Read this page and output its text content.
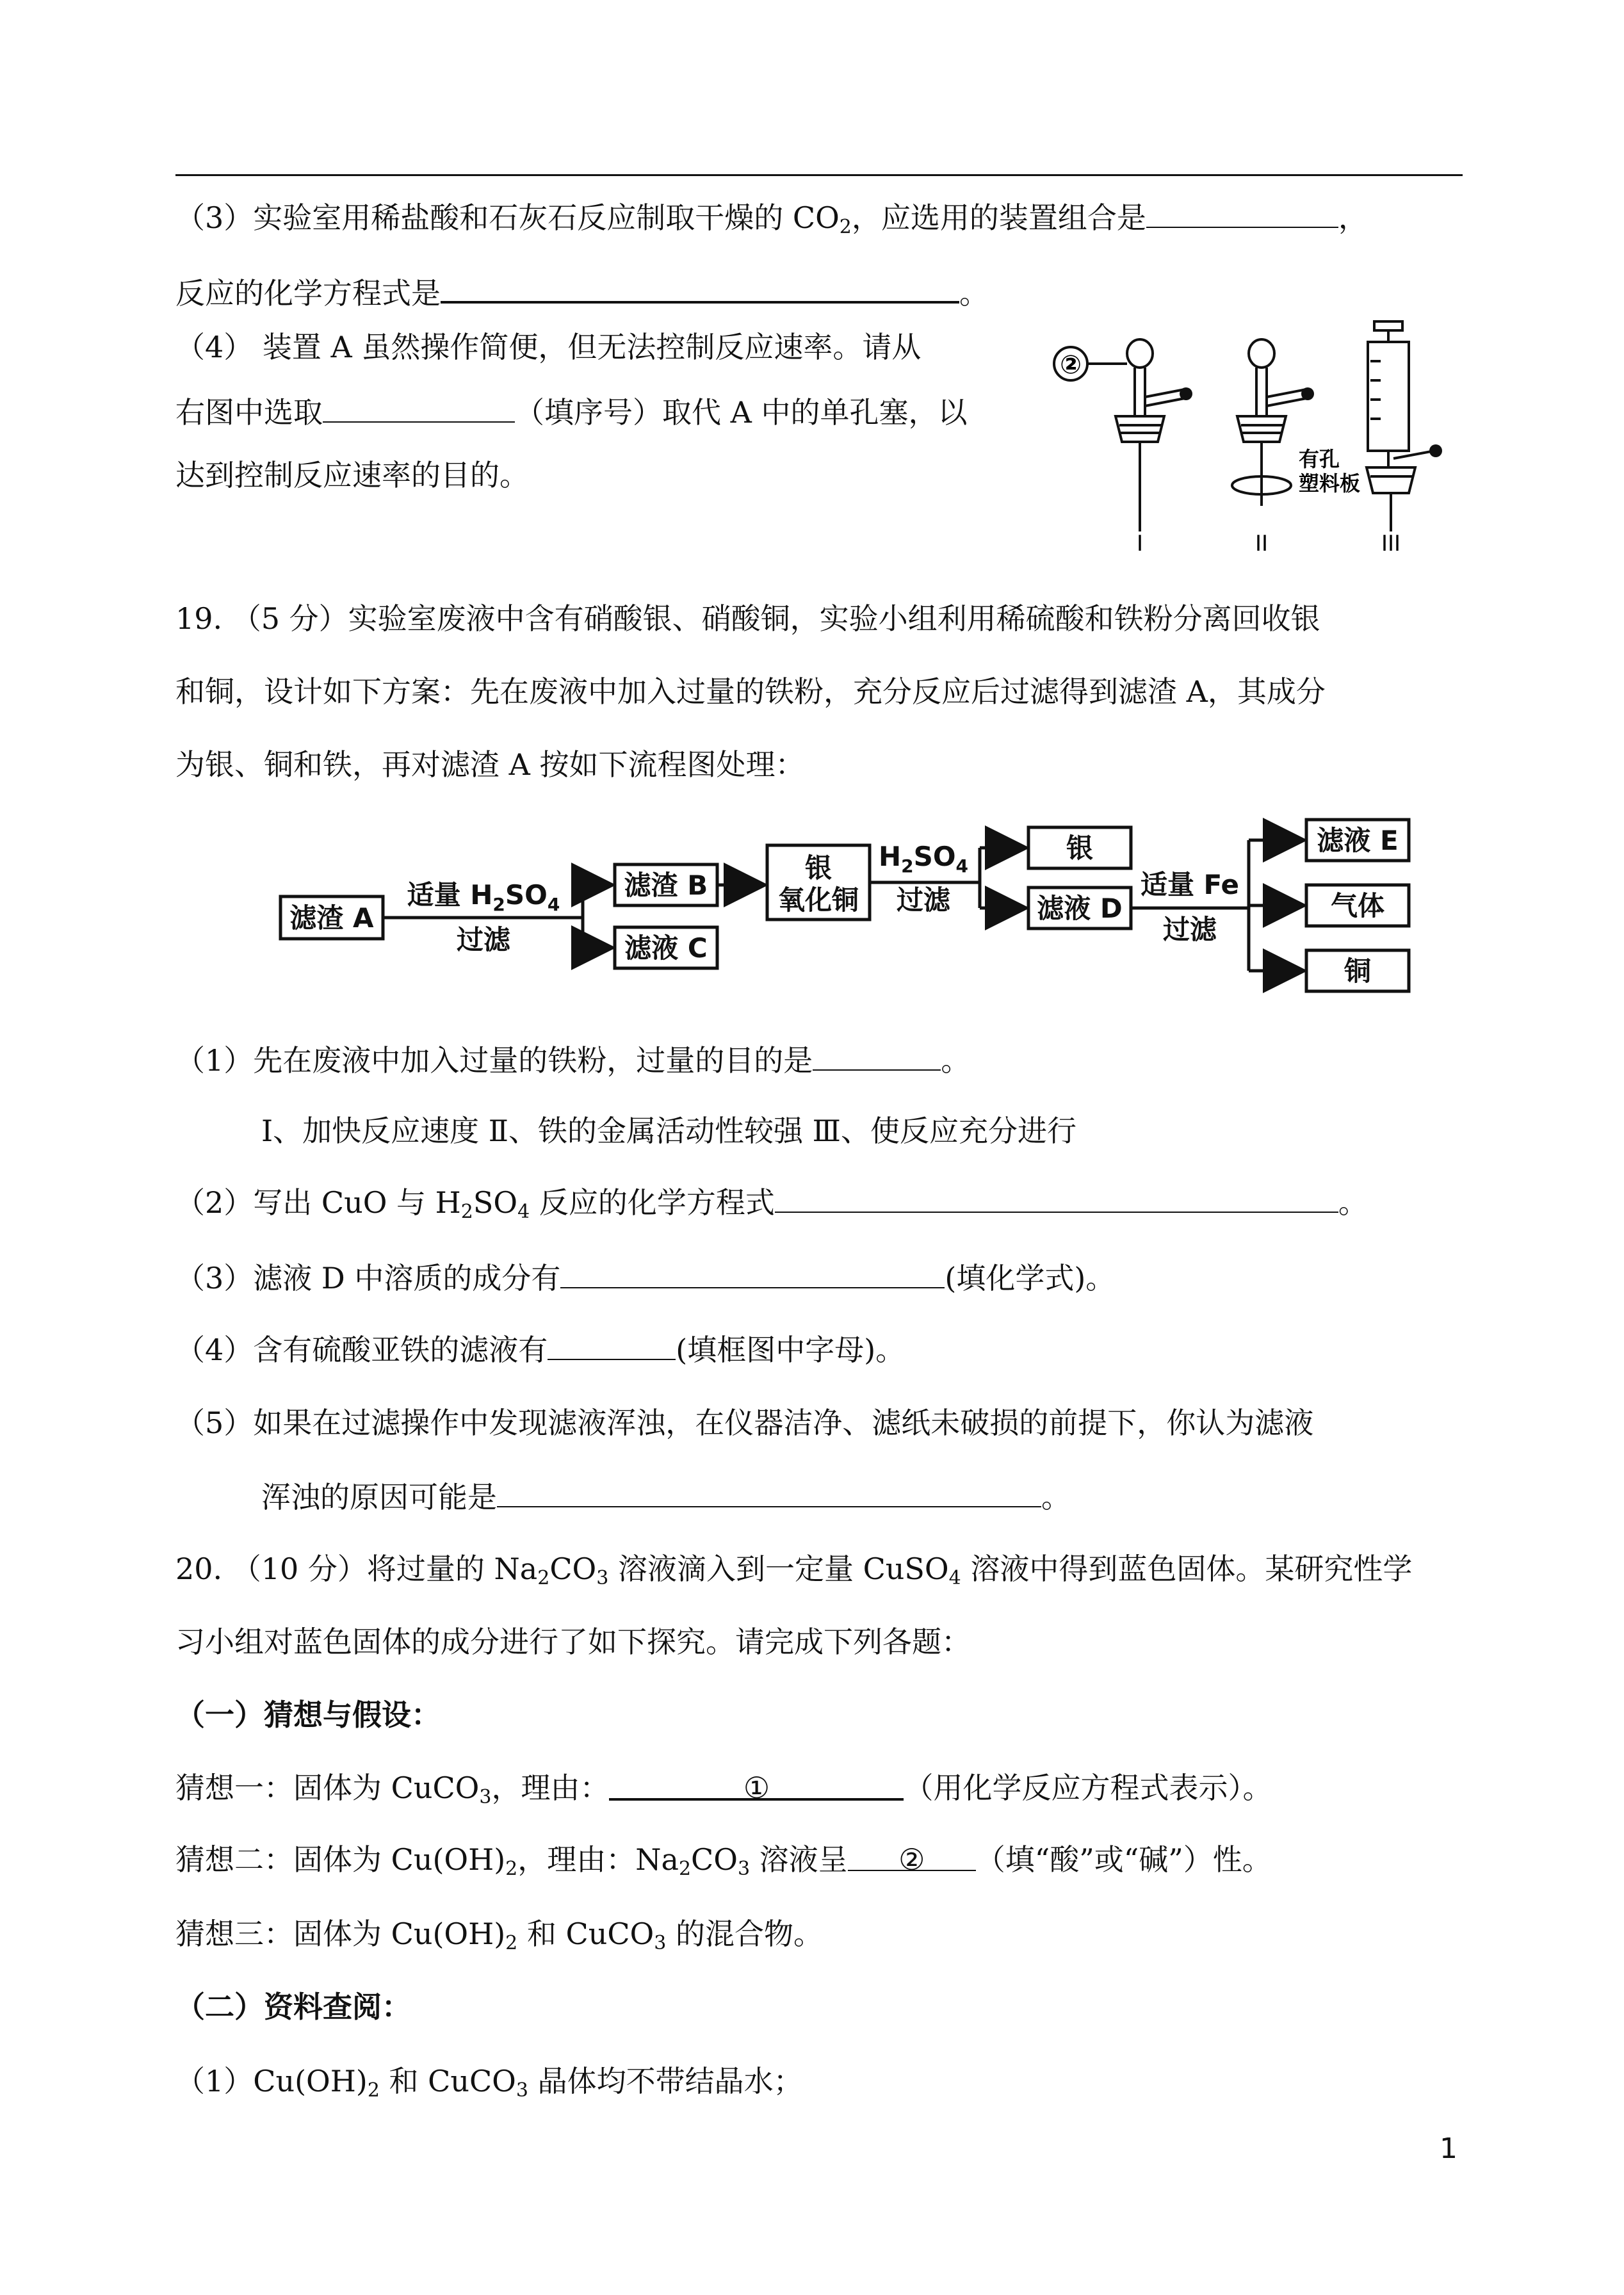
（3）实验室用稀盐酸和石灰石反应制取干燥的 $CO_2$，应选用的装置组合是	，
反应的化学方程式是	。
（4） 装置 A 虽然操作简便，但无法控制反应速率。请从
右图中选取	（填序号）取代 A 中的单孔塞，以
达到控制反应速率的目的。
②
有孔
塑料板
I	II	III
19. （5 分）实验室废液中含有硝酸银、硝酸铜，实验小组利用稀硫酸和铁粉分离回收银
和铜，设计如下方案：先在废液中加入过量的铁粉，充分反应后过滤得到滤渣 A，其成分
为银、铜和铁，再对滤渣 A 按如下流程图处理：
滤渣 A
适量 $H_2SO_4$
过滤
滤渣 B
滤液 C
银
氧化铜
$H_2SO_4$
过滤
银
滤液 D
适量 Fe
过滤
滤液 E
气体
铜
（1）先在废液中加入过量的铁粉，过量的目的是	。
Ⅰ、加快反应速度 Ⅱ、铁的金属活动性较强 Ⅲ、使反应充分进行
（2）写出 CuO 与 $H_2SO_4$ 反应的化学方程式	。
（3）滤液 D 中溶质的成分有	(填化学式)。
（4）含有硫酸亚铁的滤液有	(填框图中字母)。
（5）如果在过滤操作中发现滤液浑浊，在仪器洁净、滤纸未破损的前提下，你认为滤液
浑浊的原因可能是	。
20. （10 分）将过量的 $Na_2CO_3$ 溶液滴入到一定量 CuSO$_4$ 溶液中得到蓝色固体。某研究性学
习小组对蓝色固体的成分进行了如下探究。请完成下列各题：
（一）猜想与假设：
猜想一：固体为 CuCO$_3$，理由：	①	（用化学反应方程式表示）。
猜想二：固体为 $Cu(OH)_2$，理由：$Na_2CO_3$ 溶液呈 ② （填“酸”或“碱”）性。
猜想三：固体为 $Cu(OH)_2$ 和 CuCO$_3$ 的混合物。
（二）资料查阅：
$(1)Cu(OH)_2$ 和 CuCO$_3$ 晶体均不带结晶水；
1
